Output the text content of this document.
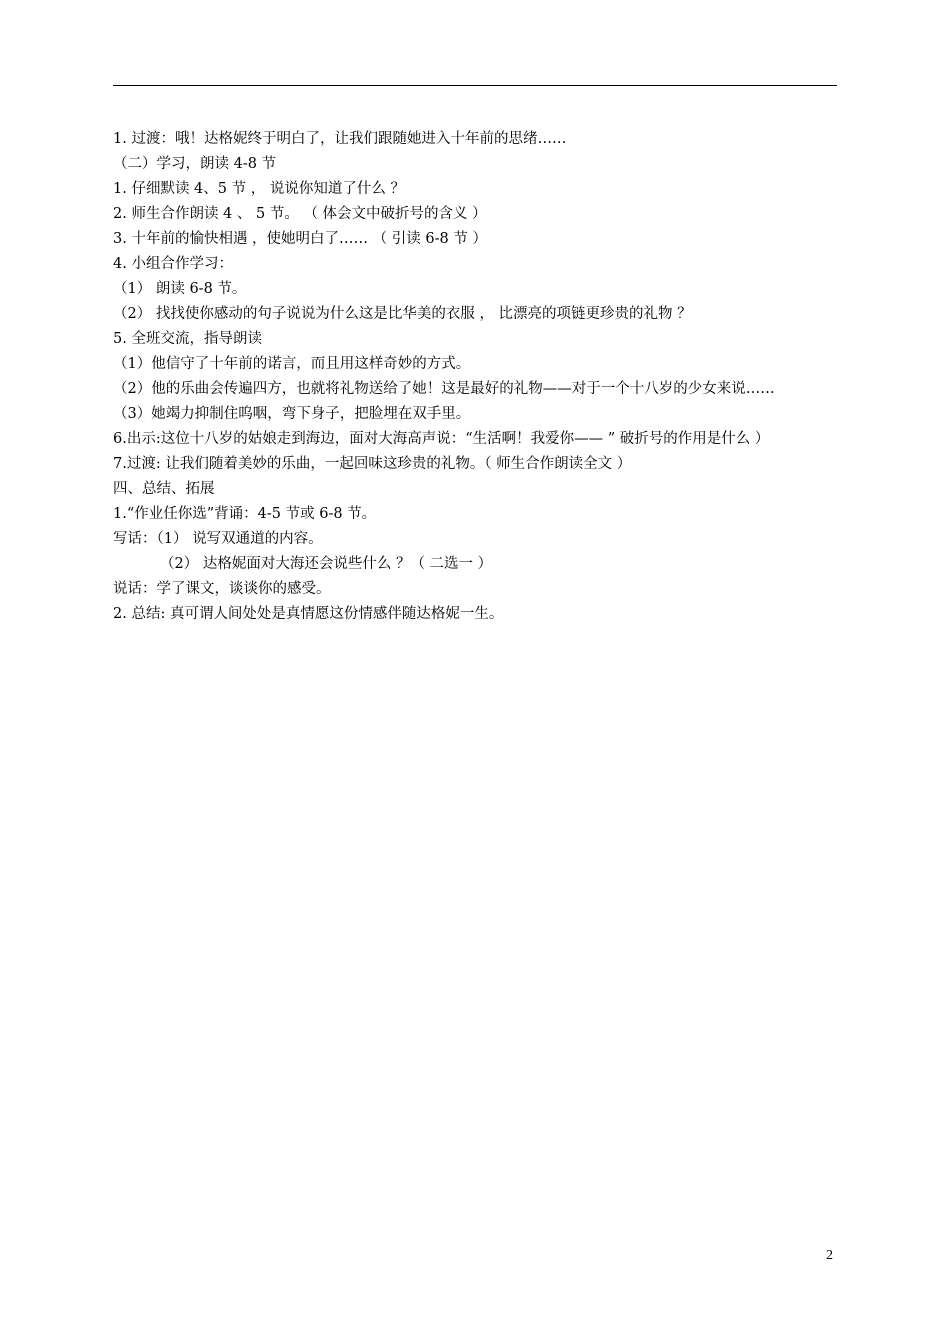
1. 过渡：哦！达格妮终于明白了，让我们跟随她进入十年前的思绪……
（二）学习，朗读 4-8 节
1. 仔细默读 4、5 节 ， 说说你知道了什么 ？
2. 师生合作朗读 4 、 5 节。 （ 体会文中破折号的含义 ）
3. 十年前的愉快相遇 ，使她明白了…… （ 引读 6-8 节 ）
4. 小组合作学习：
（1） 朗读 6-8 节。
（2） 找找使你感动的句子说说为什么这是比华美的衣服 ， 比漂亮的项链更珍贵的礼物 ？
5. 全班交流，指导朗读
（1）他信守了十年前的诺言，而且用这样奇妙的方式。
（2）他的乐曲会传遍四方，也就将礼物送给了她！这是最好的礼物——对于一个十八岁的少女来说……
（3）她竭力抑制住呜咽，弯下身子，把脸埋在双手里。
6.出示:这位十八岁的姑娘走到海边，面对大海高声说：“生活啊！我爱你—— ” 破折号的作用是什么 ）
7.过渡: 让我们随着美妙的乐曲，一起回味这珍贵的礼物。（ 师生合作朗读全文 ）
四、总结、拓展
1.“作业任你选”背诵：4-5 节或 6-8 节。
写话：（1） 说写双通道的内容。
（2） 达格妮面对大海还会说些什么 ？（ 二选一 ）
说话：学了课文，谈谈你的感受。
2. 总结: 真可谓人间处处是真情愿这份情感伴随达格妮一生。
2
